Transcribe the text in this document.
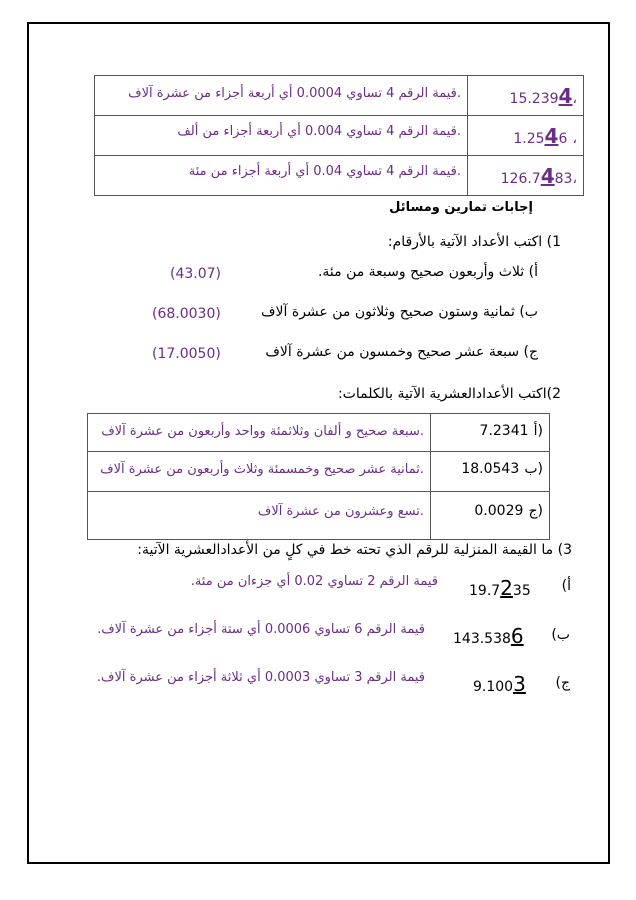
قيمة الرقم 4 تساوي 0.0004 أي أربعة أجزاء من عشرة آلاف.	15.2394،
قيمة الرقم 4 تساوي 0.004 أي أربعة أجزاء من ألف.	1.2546 ،
قيمة الرقم 4 تساوي 0.04 أي أربعة أجزاء من مئة.	126.7483،
إجابات تمارين ومسائل
1) اكتب الأعداد الآتية بالأرقام:
أ) ثلاث وأربعون صحيح وسبعة من مئة.
(43.07)
ب) ثمانية وستون صحيح وثلاثون من عشرة آلاف
(68.0030)
ج) سبعة عشر صحيح وخمسون من عشرة آلاف
(17.0050)
2)اكتب الأعدادالعشرية الآتية بالكلمات:
سبعة صحيح و ألفان وثلاثمئة وواحد وأربعون من عشرة آلاف.	7.2341 أ)
ثمانية عشر صحيح وخمسمئة وثلاث وأربعون من عشرة آلاف.	18.0543 ب)
تسع وعشرون من عشرة آلاف.	0.0029 ج)
3) ما القيمة المنزلية للرقم الذي تحته خط في كلٍ من الأعدادالعشرية الآتية:
أ)
19.7235
قيمة الرقم 2 تساوي 0.02 أي جزءان من مئة.
ب)
143.5386
قيمة الرقم 6 تساوي 0.0006 أي ستة أجزاء من عشرة آلاف.
ج)
9.1003
قيمة الرقم 3 تساوي 0.0003 أي ثلاثة أجزاء من عشرة آلاف.
